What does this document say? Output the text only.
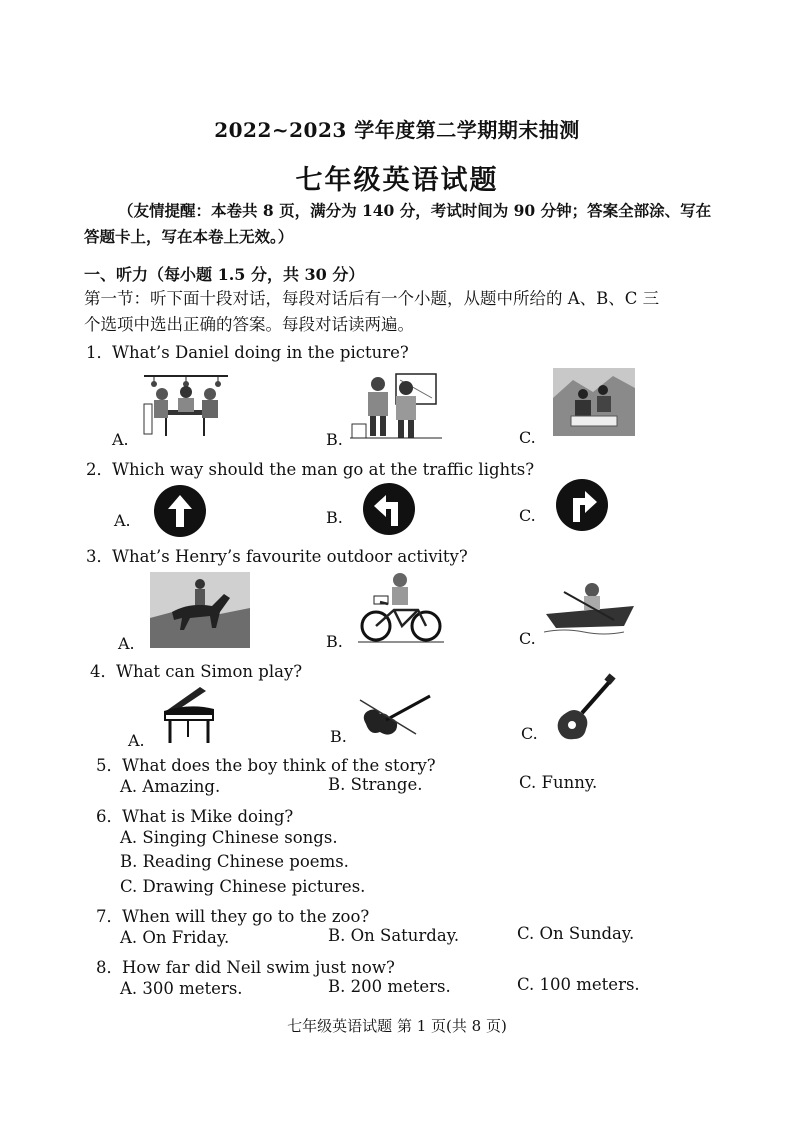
2022~2023 学年度第二学期期末抽测
七年级英语试题
（友情提醒：本卷共 8 页，满分为 140 分，考试时间为 90 分钟；答案全部涂、写在
答题卡上，写在本卷上无效。）
一、听力（每小题 1.5 分，共 30 分）
第一节：听下面十段对话，每段对话后有一个小题，从题中所给的 A、B、C 三
个选项中选出正确的答案。每段对话读两遍。
1．What’s Daniel doing in the picture?
A.	B.	C.
2．Which way should the man go at the traffic lights?
A.	B.	C.
3．What’s Henry’s favourite outdoor activity?
A.	B.	C.
4．What can Simon play?
A.	B.	C.
5．What does the boy think of the story?
A. Amazing.	B. Strange.	C. Funny.
6．What is Mike doing?
A. Singing Chinese songs.
B. Reading Chinese poems.
C. Drawing Chinese pictures.
7．When will they go to the zoo?
A. On Friday.	B. On Saturday.	C. On Sunday.
8．How far did Neil swim just now?
A. 300 meters.	B. 200 meters.	C. 100 meters.
七年级英语试题 第 1 页(共 8 页)
